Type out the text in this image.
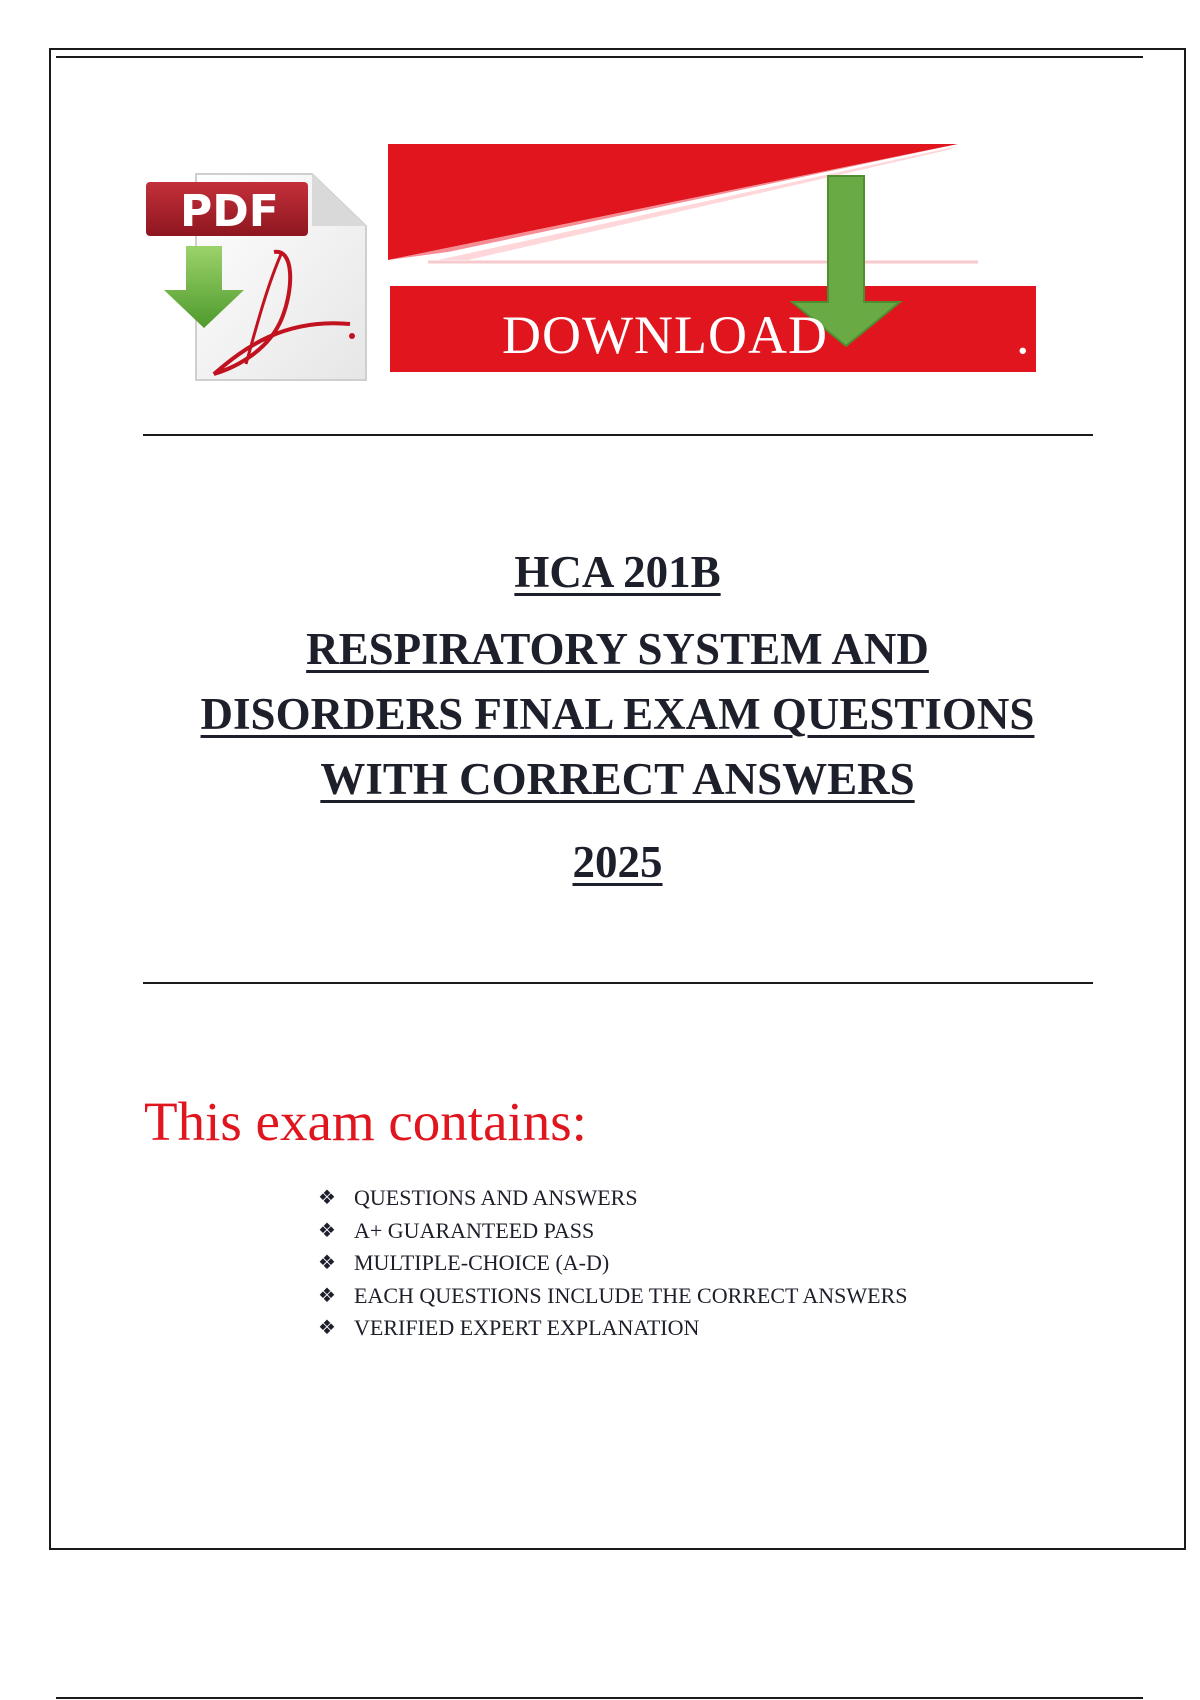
PDF
DOWNLOAD	.
HCA 201B
RESPIRATORY SYSTEM AND
DISORDERS FINAL EXAM QUESTIONS
WITH CORRECT ANSWERS
2025
This exam contains:
❖ QUESTIONS AND ANSWERS
❖ A+ GUARANTEED PASS
❖ MULTIPLE-CHOICE (A-D)
❖ EACH QUESTIONS INCLUDE THE CORRECT ANSWERS
❖ VERIFIED EXPERT EXPLANATION
